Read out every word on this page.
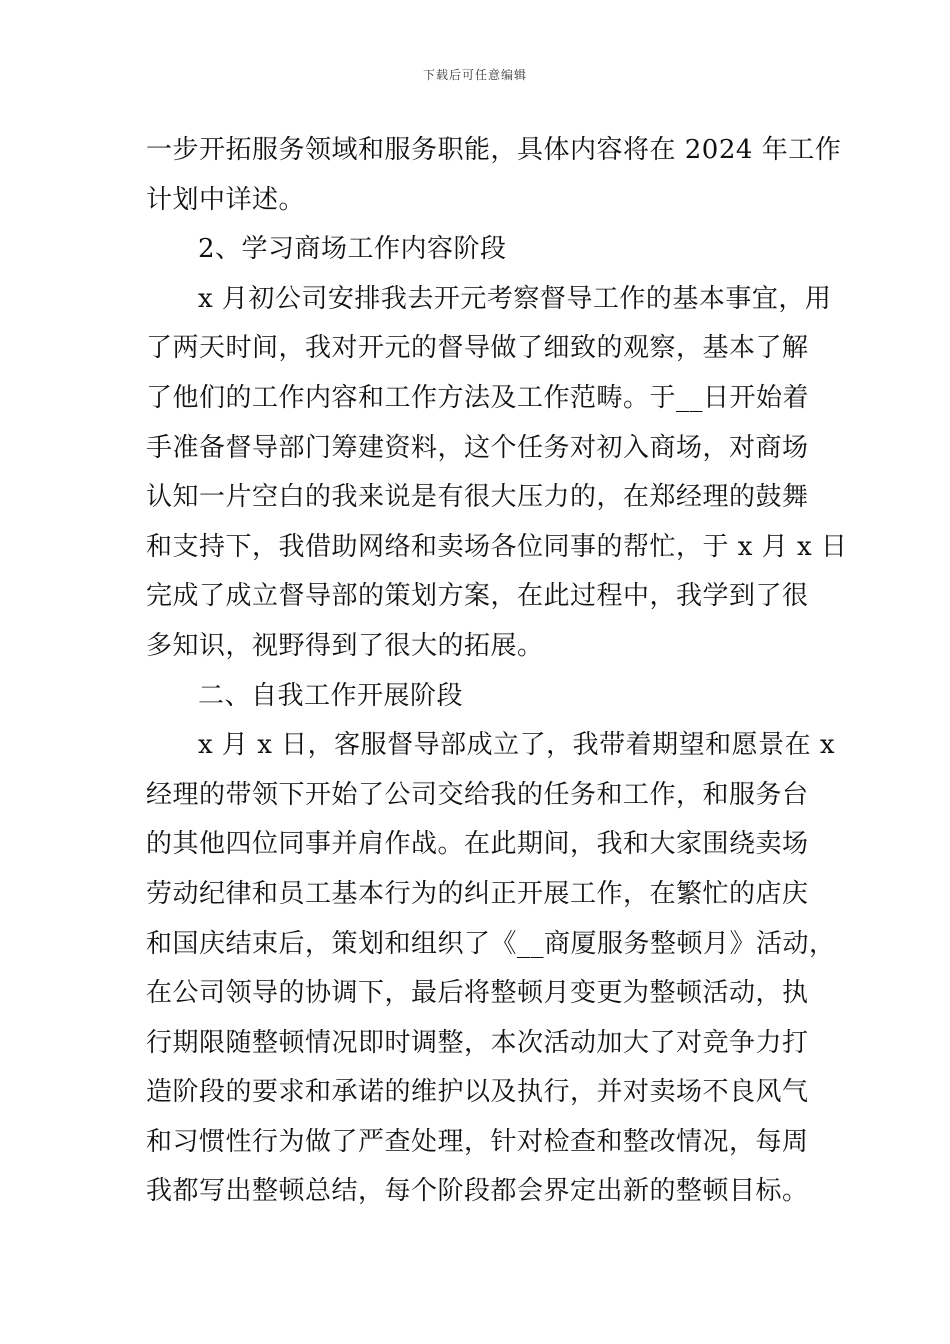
下载后可任意编辑
一步开拓服务领域和服务职能，具体内容将在 2024 年工作
计划中详述。
2、学习商场工作内容阶段
x 月初公司安排我去开元考察督导工作的基本事宜，用
了两天时间，我对开元的督导做了细致的观察，基本了解
了他们的工作内容和工作方法及工作范畴。于__日开始着
手准备督导部门筹建资料，这个任务对初入商场，对商场
认知一片空白的我来说是有很大压力的，在郑经理的鼓舞
和支持下，我借助网络和卖场各位同事的帮忙，于 x 月 x 日
完成了成立督导部的策划方案，在此过程中，我学到了很
多知识，视野得到了很大的拓展。
二、自我工作开展阶段
x 月 x 日，客服督导部成立了，我带着期望和愿景在 x
经理的带领下开始了公司交给我的任务和工作，和服务台
的其他四位同事并肩作战。在此期间，我和大家围绕卖场
劳动纪律和员工基本行为的纠正开展工作，在繁忙的店庆
和国庆结束后，策划和组织了《__商厦服务整顿月》活动，
在公司领导的协调下，最后将整顿月变更为整顿活动，执
行期限随整顿情况即时调整，本次活动加大了对竞争力打
造阶段的要求和承诺的维护以及执行，并对卖场不良风气
和习惯性行为做了严查处理，针对检查和整改情况，每周
我都写出整顿总结，每个阶段都会界定出新的整顿目标。
